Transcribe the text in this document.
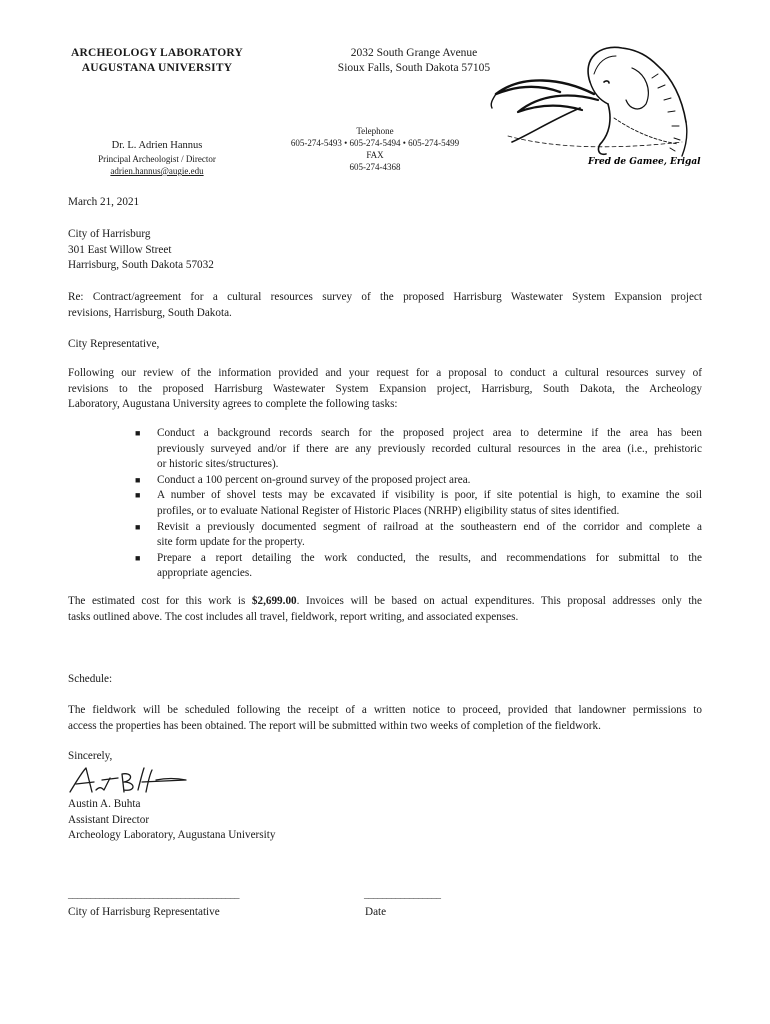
ARCHEOLOGY LABORATORY
AUGUSTANA UNIVERSITY
2032 South Grange Avenue
Sioux Falls, South Dakota 57105
Dr. L. Adrien Hannus
Principal Archeologist / Director
adrien.hannus@augie.edu
Telephone
605-274-5493 • 605-274-5494 • 605-274-5499
FAX
605-274-4368	Fred de Gamee, Erigal
March 21, 2021
City of Harrisburg
301 East Willow Street
Harrisburg, South Dakota 57032
Re: Contract/agreement for a cultural resources survey of the proposed Harrisburg Wastewater System Expansion project
revisions, Harrisburg, South Dakota.
City Representative,
Following our review of the information provided and your request for a proposal to conduct a cultural resources survey of
revisions to the proposed Harrisburg Wastewater System Expansion project, Harrisburg, South Dakota, the Archeology
Laboratory, Augustana University agrees to complete the following tasks:
■ Conduct a background records search for the proposed project area to determine if the area has been
previously surveyed and/or if there are any previously recorded cultural resources in the area (i.e., prehistoric
or historic sites/structures).
■ Conduct a 100 percent on-ground survey of the proposed project area.
■ A number of shovel tests may be excavated if visibility is poor, if site potential is high, to examine the soil
profiles, or to evaluate National Register of Historic Places (NRHP) eligibility status of sites identified.
■ Revisit a previously documented segment of railroad at the southeastern end of the corridor and complete a
site form update for the property.
■ Prepare a report detailing the work conducted, the results, and recommendations for submittal to the
appropriate agencies.
The estimated cost for this work is $2,699.00. Invoices will be based on actual expenditures. This proposal addresses only the
tasks outlined above. The cost includes all travel, fieldwork, report writing, and associated expenses.
Schedule:
The fieldwork will be scheduled following the receipt of a written notice to proceed, provided that landowner permissions to
access the properties has been obtained. The report will be submitted within two weeks of completion of the fieldwork.
Sincerely,
Austin A. Buhta
Assistant Director
Archeology Laboratory, Augustana University
______________________________________	_________________
City of Harrisburg Representative	Date
